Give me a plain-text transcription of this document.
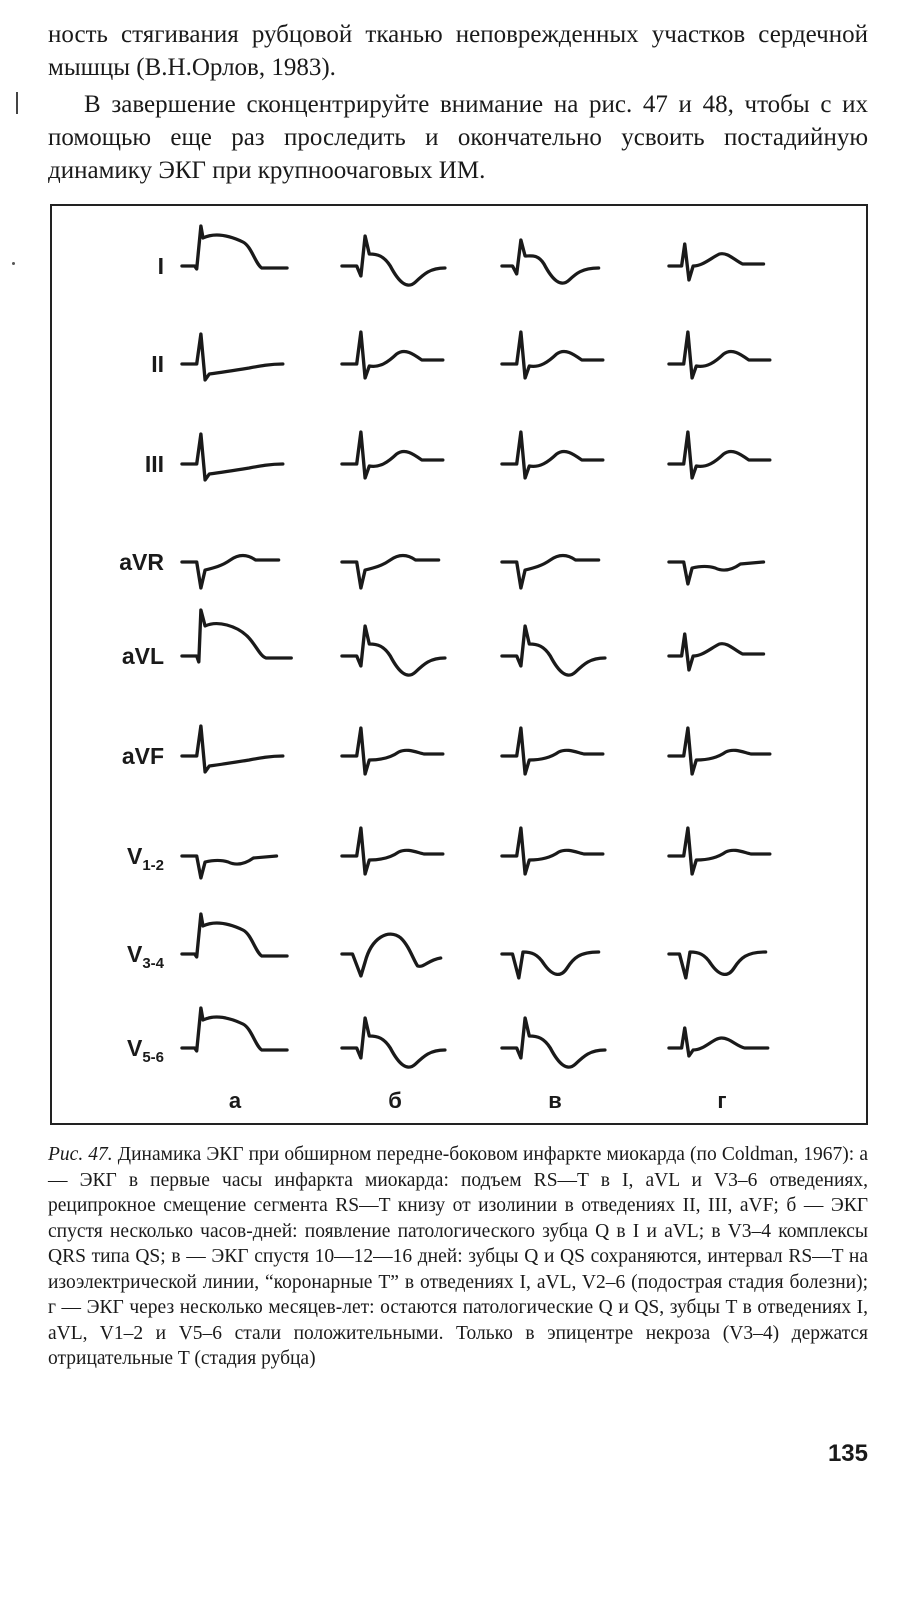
ность стягивания рубцовой тканью неповрежденных участков сердечной мышцы (В.Н.Орлов, 1983).

В завершение сконцентрируйте внимание на рис. 47 и 48, чтобы с их помощью еще раз проследить и окончательно усвоить постадийную динамику ЭКГ при крупноочаговых ИМ.

I
II
III
aVR
aVL
aVF
$V_{1-2}$
$V_{3-4}$
$V_{5-6}$
а	б	в	г

Рис. 47. Динамика ЭКГ при обширном передне-боковом инфаркте миокарда (по Coldman, 1967): а — ЭКГ в первые часы инфаркта миокарда: подъем RS—T в I, aVL и V3–6 отведениях, реципрокное смещение сегмента RS—T книзу от изолинии в отведениях II, III, aVF; б — ЭКГ спустя несколько часов-дней: появление патологического зубца Q в I и aVL; в V3–4 комплексы QRS типа QS; в — ЭКГ спустя 10—12—16 дней: зубцы Q и QS сохраняются, интервал RS—T на изоэлектрической линии, “коронарные T” в отведениях I, aVL, V2–6 (подострая стадия болезни); г — ЭКГ через несколько месяцев-лет: остаются патологические Q и QS, зубцы T в отведениях I, aVL, V1–2 и V5–6 стали положительными. Только в эпицентре некроза (V3–4) держатся отрицательные T (стадия рубца)

135
